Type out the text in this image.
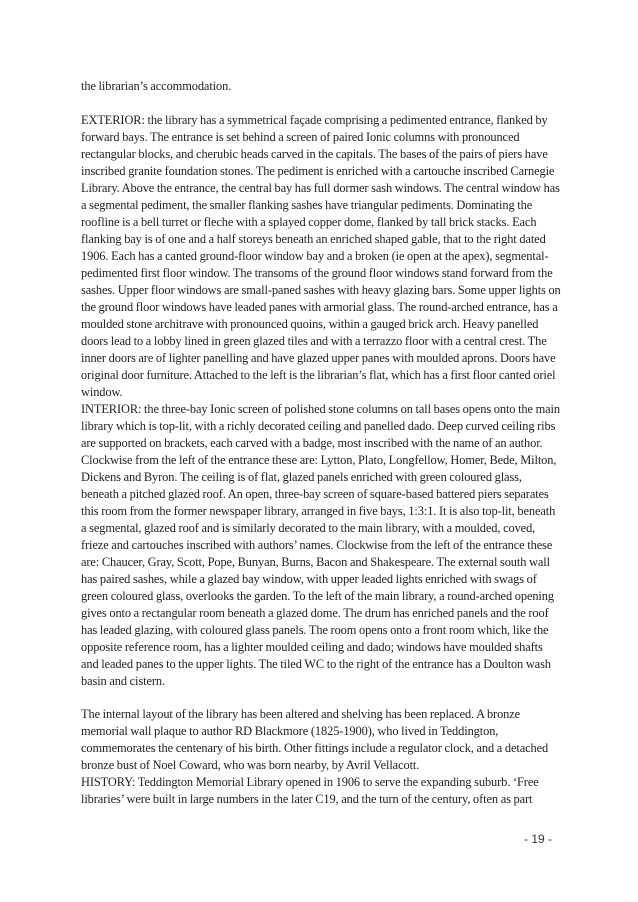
the librarian’s accommodation.

EXTERIOR: the library has a symmetrical façade comprising a pedimented entrance, flanked by forward bays. The entrance is set behind a screen of paired Ionic columns with pronounced rectangular blocks, and cherubic heads carved in the capitals. The bases of the pairs of piers have inscribed granite foundation stones. The pediment is enriched with a cartouche inscribed Carnegie Library. Above the entrance, the central bay has full dormer sash windows. The central window has a segmental pediment, the smaller flanking sashes have triangular pediments. Dominating the roofline is a bell turret or fleche with a splayed copper dome, flanked by tall brick stacks. Each flanking bay is of one and a half storeys beneath an enriched shaped gable, that to the right dated 1906. Each has a canted ground-floor window bay and a broken (ie open at the apex), segmental-pedimented first floor window. The transoms of the ground floor windows stand forward from the sashes. Upper floor windows are small-paned sashes with heavy glazing bars. Some upper lights on the ground floor windows have leaded panes with armorial glass. The round-arched entrance, has a moulded stone architrave with pronounced quoins, within a gauged brick arch. Heavy panelled doors lead to a lobby lined in green glazed tiles and with a terrazzo floor with a central crest. The inner doors are of lighter panelling and have glazed upper panes with moulded aprons. Doors have original door furniture. Attached to the left is the librarian’s flat, which has a first floor canted oriel window.

INTERIOR: the three-bay Ionic screen of polished stone columns on tall bases opens onto the main library which is top-lit, with a richly decorated ceiling and panelled dado. Deep curved ceiling ribs are supported on brackets, each carved with a badge, most inscribed with the name of an author. Clockwise from the left of the entrance these are: Lytton, Plato, Longfellow, Homer, Bede, Milton, Dickens and Byron. The ceiling is of flat, glazed panels enriched with green coloured glass, beneath a pitched glazed roof. An open, three-bay screen of square-based battered piers separates this room from the former newspaper library, arranged in five bays, 1:3:1. It is also top-lit, beneath a segmental, glazed roof and is similarly decorated to the main library, with a moulded, coved, frieze and cartouches inscribed with authors’ names. Clockwise from the left of the entrance these are: Chaucer, Gray, Scott, Pope, Bunyan, Burns, Bacon and Shakespeare. The external south wall has paired sashes, while a glazed bay window, with upper leaded lights enriched with swags of green coloured glass, overlooks the garden. To the left of the main library, a round-arched opening gives onto a rectangular room beneath a glazed dome. The drum has enriched panels and the roof has leaded glazing, with coloured glass panels. The room opens onto a front room which, like the opposite reference room, has a lighter moulded ceiling and dado; windows have moulded shafts and leaded panes to the upper lights. The tiled WC to the right of the entrance has a Doulton wash basin and cistern.

The internal layout of the library has been altered and shelving has been replaced. A bronze memorial wall plaque to author RD Blackmore (1825-1900), who lived in Teddington, commemorates the centenary of his birth. Other fittings include a regulator clock, and a detached bronze bust of Noel Coward, who was born nearby, by Avril Vellacott.

HISTORY: Teddington Memorial Library opened in 1906 to serve the expanding suburb. ‘Free libraries’ were built in large numbers in the later C19, and the turn of the century, often as part

- 19 -
